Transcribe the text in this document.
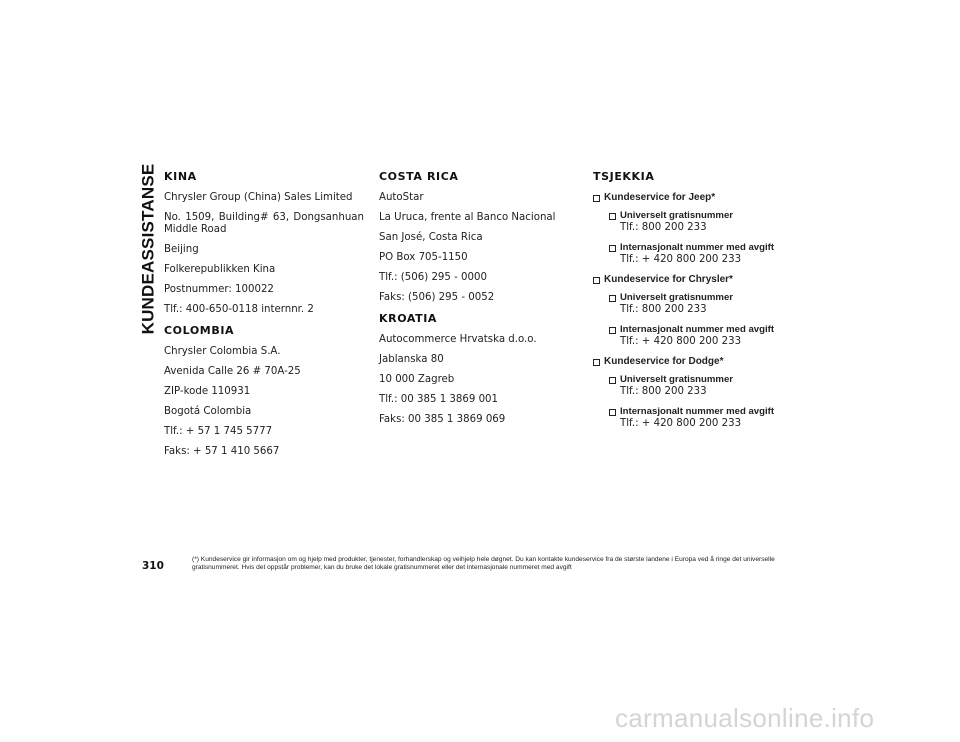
KUNDEASSISTANSE KINA

Chrysler Group (China) Sales Limited

No. 1509, Building# 63, Dongsanhuan Middle Road

Beijing

Folkerepublikken Kina

Postnummer: 100022

Tlf.: 400-650-0118 internnr. 2

COLOMBIA

Chrysler Colombia S.A.

Avenida Calle 26 # 70A-25

ZIP-kode 110931

Bogotá Colombia

Tlf.: + 57 1 745 5777

Faks: + 57 1 410 5667

COSTA RICA

AutoStar

La Uruca, frente al Banco Nacional

San José, Costa Rica

PO Box 705-1150

Tlf.: (506) 295 - 0000

Faks: (506) 295 - 0052

KROATIA

Autocommerce Hrvatska d.o.o.

Jablanska 80

10 000 Zagreb

Tlf.: 00 385 1 3869 001

Faks: 00 385 1 3869 069

TSJEKKIA
Kundeservice for Jeep*
Universelt gratisnummer
Tlf.: 800 200 233
Internasjonalt nummer med avgift
Tlf.: + 420 800 200 233
Kundeservice for Chrysler*
Universelt gratisnummer
Tlf.: 800 200 233
Internasjonalt nummer med avgift
Tlf.: + 420 800 200 233
Kundeservice for Dodge*
Universelt gratisnummer
Tlf.: 800 200 233
Internasjonalt nummer med avgift
Tlf.: + 420 800 200 233
310
(*) Kundeservice gir informasjon om og hjelp med produkter, tjenester, forhandlerskap og veihjelp hele døgnet. Du kan kontakte kundeservice fra de største landene i Europa ved å ringe det universelle gratisnummeret. Hvis det oppstår problemer, kan du bruke det lokale gratisnummeret eller det internasjonale nummeret med avgift
carmanualsonline.info
